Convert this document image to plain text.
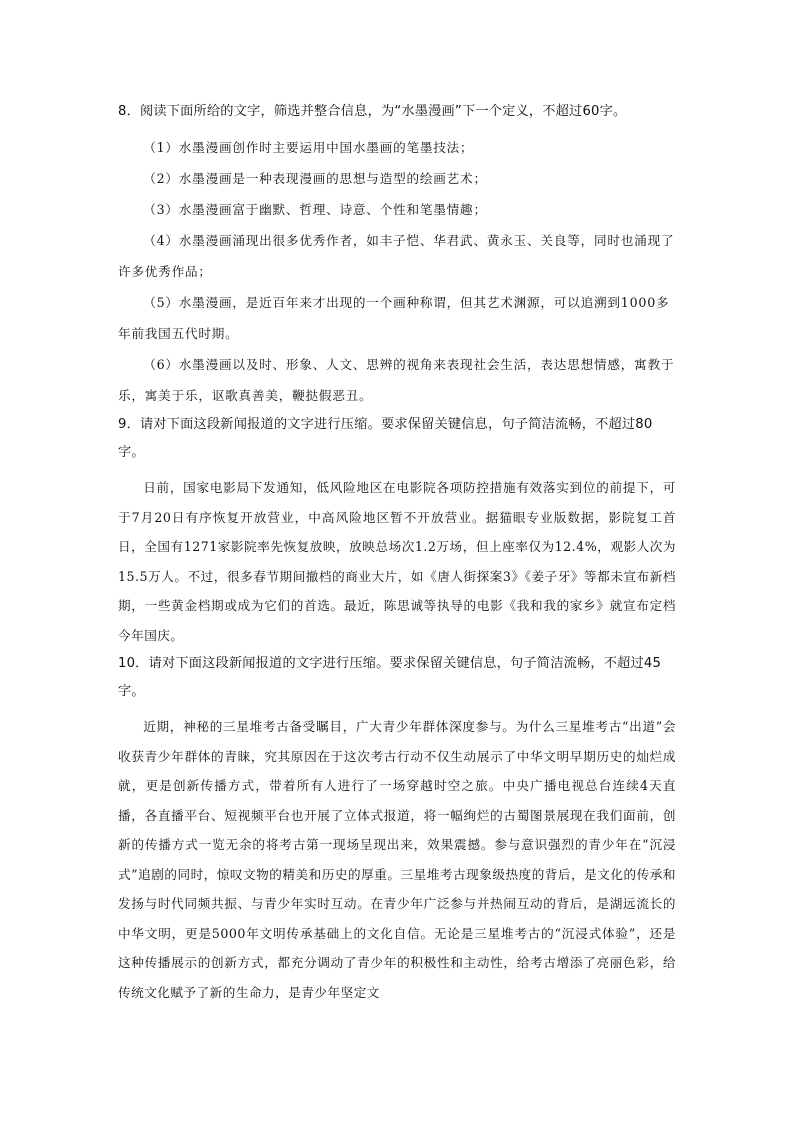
8．阅读下面所给的文字，筛选并整合信息，为“水墨漫画”下一个定义，不超过60字。

（1）水墨漫画创作时主要运用中国水墨画的笔墨技法；

（2）水墨漫画是一种表现漫画的思想与造型的绘画艺术；

（3）水墨漫画富于幽默、哲理、诗意、个性和笔墨情趣；

（4）水墨漫画涌现出很多优秀作者，如丰子恺、华君武、黄永玉、关良等，同时也涌现了许多优秀作品；

（5）水墨漫画，是近百年来才出现的一个画种称谓，但其艺术渊源，可以追溯到1000多年前我国五代时期。

（6）水墨漫画以及时、形象、人文、思辨的视角来表现社会生活，表达思想情感，寓教于乐，寓美于乐，讴歌真善美，鞭挞假恶丑。

9．请对下面这段新闻报道的文字进行压缩。要求保留关键信息，句子简洁流畅，不超过80字。

日前，国家电影局下发通知，低风险地区在电影院各项防控措施有效落实到位的前提下，可于7月20日有序恢复开放营业，中高风险地区暂不开放营业。据猫眼专业版数据，影院复工首日，全国有1271家影院率先恢复放映，放映总场次1.2万场，但上座率仅为12.4%，观影人次为15.5万人。不过，很多春节期间撤档的商业大片，如《唐人街探案3》《姜子牙》等都未宣布新档期，一些黄金档期或成为它们的首选。最近，陈思诚等执导的电影《我和我的家乡》就宣布定档今年国庆。

10．请对下面这段新闻报道的文字进行压缩。要求保留关键信息，句子简洁流畅，不超过45字。

近期，神秘的三星堆考古备受瞩目，广大青少年群体深度参与。为什么三星堆考古“出道”会收获青少年群体的青睐，究其原因在于这次考古行动不仅生动展示了中华文明早期历史的灿烂成就，更是创新传播方式，带着所有人进行了一场穿越时空之旅。中央广播电视总台连续4天直播，各直播平台、短视频平台也开展了立体式报道，将一幅绚烂的古蜀图景展现在我们面前，创新的传播方式一览无余的将考古第一现场呈现出来，效果震撼。参与意识强烈的青少年在“沉浸式”追剧的同时，惊叹文物的精美和历史的厚重。三星堆考古现象级热度的背后，是文化的传承和发扬与时代同频共振、与青少年实时互动。在青少年广泛参与并热闹互动的背后，是湖远流长的中华文明，更是5000年文明传承基础上的文化自信。无论是三星堆考古的“沉浸式体验”，还是这种传播展示的创新方式，都充分调动了青少年的积极性和主动性，给考古增添了亮丽色彩，给传统文化赋予了新的生命力，是青少年坚定文
